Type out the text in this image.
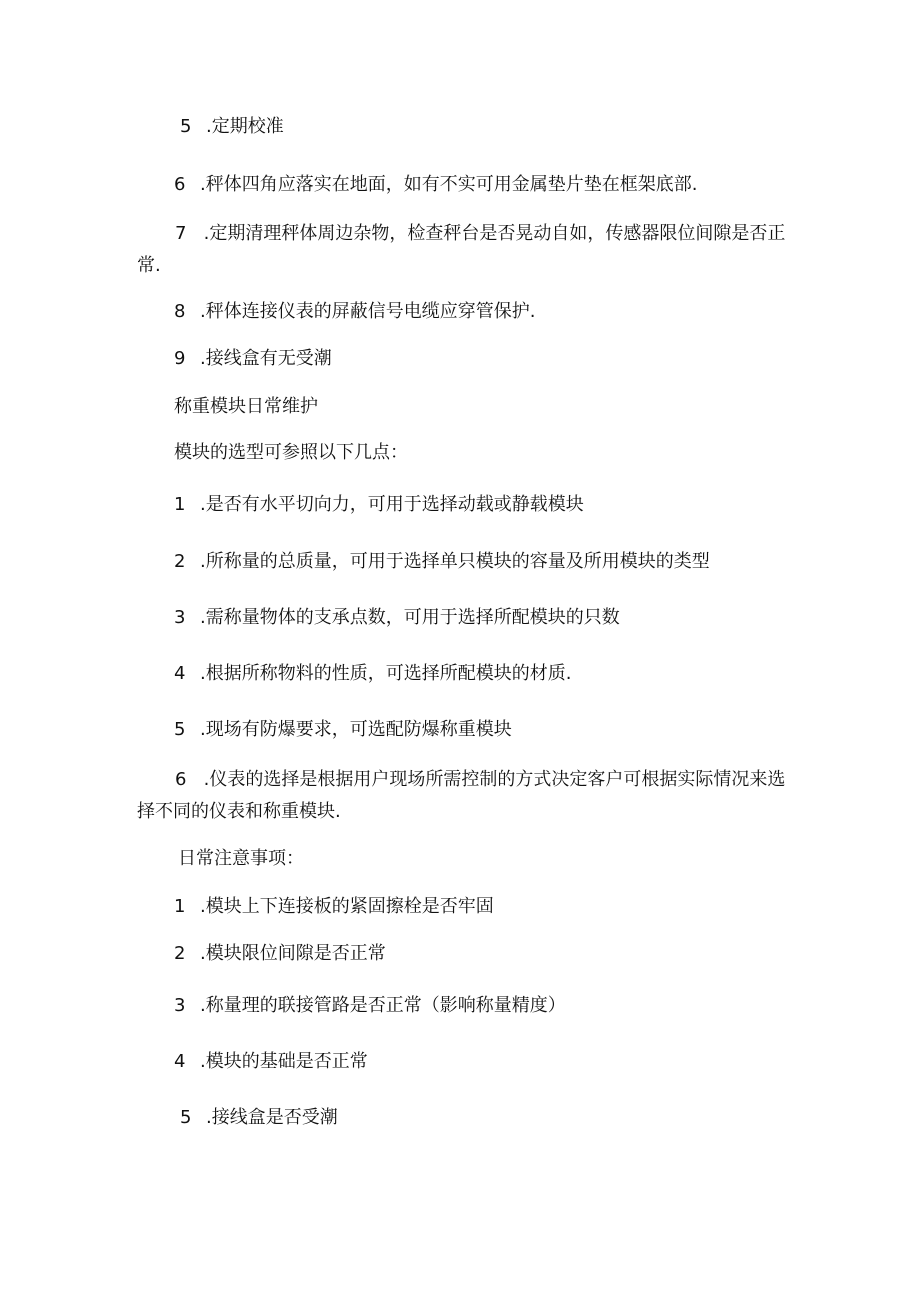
5 .定期校准
6 .秤体四角应落实在地面，如有不实可用金属垫片垫在框架底部.
7 .定期清理秤体周边杂物，检查秤台是否晃动自如，传感器限位间隙是否正常.
8 .秤体连接仪表的屏蔽信号电缆应穿管保护.
9 .接线盒有无受潮
称重模块日常维护
模块的选型可参照以下几点：
1 .是否有水平切向力，可用于选择动载或静载模块
2 .所称量的总质量，可用于选择单只模块的容量及所用模块的类型
3 .需称量物体的支承点数，可用于选择所配模块的只数
4 .根据所称物料的性质，可选择所配模块的材质.
5 .现场有防爆要求，可选配防爆称重模块
6 .仪表的选择是根据用户现场所需控制的方式决定客户可根据实际情况来选择不同的仪表和称重模块.
日常注意事项：
1 .模块上下连接板的紧固擦栓是否牢固
2 .模块限位间隙是否正常
3 .称量理的联接管路是否正常（影响称量精度）
4 .模块的基础是否正常
5 .接线盒是否受潮
